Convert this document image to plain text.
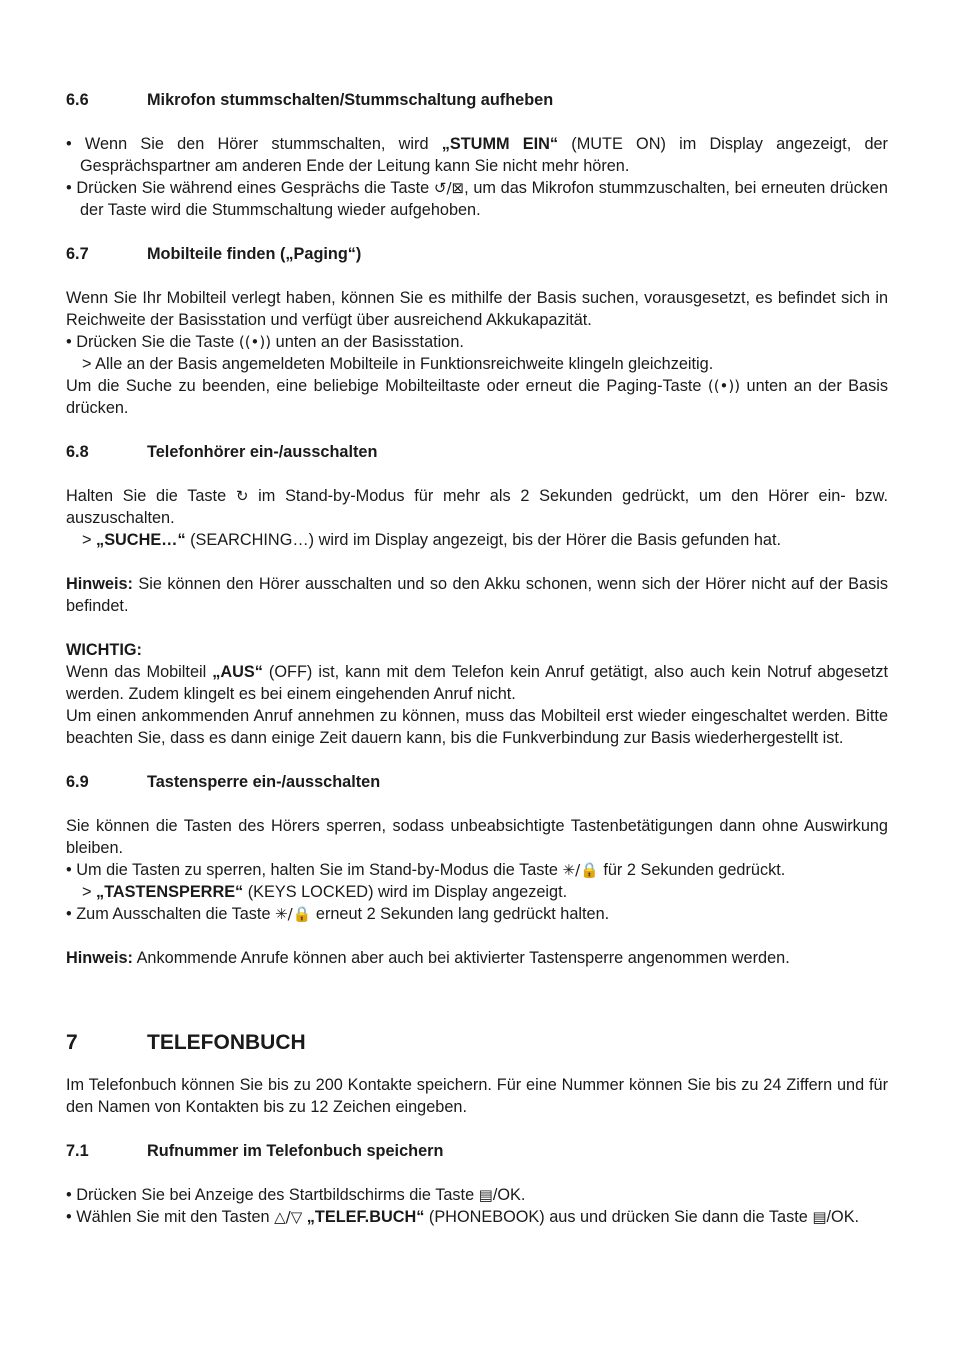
6.6	Mikrofon stummschalten/Stummschaltung aufheben

• Wenn Sie den Hörer stummschalten, wird „STUMM EIN“ (MUTE ON) im Display angezeigt, der Gesprächspartner am anderen Ende der Leitung kann Sie nicht mehr hören.

• Drücken Sie während eines Gesprächs die Taste ↺/⊠, um das Mikrofon stummzuschalten, bei erneuten drücken der Taste wird die Stummschaltung wieder aufgehoben.

6.7	Mobilteile finden („Paging“)

Wenn Sie Ihr Mobilteil verlegt haben, können Sie es mithilfe der Basis suchen, vorausgesetzt, es befindet sich in Reichweite der Basisstation und verfügt über ausreichend Akkukapazität.

• Drücken Sie die Taste ((•)) unten an der Basisstation.

> Alle an der Basis angemeldeten Mobilteile in Funktionsreichweite klingeln gleichzeitig.

Um die Suche zu beenden, eine beliebige Mobilteiltaste oder erneut die Paging-Taste ((•)) unten an der Basis drücken.

6.8	Telefonhörer ein-/ausschalten

Halten Sie die Taste ↻ im Stand-by-Modus für mehr als 2 Sekunden gedrückt, um den Hörer ein- bzw. auszuschalten.

> „SUCHE…“ (SEARCHING…) wird im Display angezeigt, bis der Hörer die Basis gefunden hat.

Hinweis: Sie können den Hörer ausschalten und so den Akku schonen, wenn sich der Hörer nicht auf der Basis befindet.

WICHTIG:

Wenn das Mobilteil „AUS“ (OFF) ist, kann mit dem Telefon kein Anruf getätigt, also auch kein Notruf abgesetzt werden. Zudem klingelt es bei einem eingehenden Anruf nicht.

Um einen ankommenden Anruf annehmen zu können, muss das Mobilteil erst wieder eingeschaltet werden. Bitte beachten Sie, dass es dann einige Zeit dauern kann, bis die Funkverbindung zur Basis wiederhergestellt ist.

6.9	Tastensperre ein-/ausschalten

Sie können die Tasten des Hörers sperren, sodass unbeabsichtigte Tastenbetätigungen dann ohne Auswirkung bleiben.

• Um die Tasten zu sperren, halten Sie im Stand-by-Modus die Taste ✳/🔒 für 2 Sekunden gedrückt.

> „TASTENSPERRE“ (KEYS LOCKED) wird im Display angezeigt.

• Zum Ausschalten die Taste ✳/🔒 erneut 2 Sekunden lang gedrückt halten.

Hinweis: Ankommende Anrufe können aber auch bei aktivierter Tastensperre angenommen werden.

7	TELEFONBUCH

Im Telefonbuch können Sie bis zu 200 Kontakte speichern. Für eine Nummer können Sie bis zu 24 Ziffern und für den Namen von Kontakten bis zu 12 Zeichen eingeben.

7.1	Rufnummer im Telefonbuch speichern

• Drücken Sie bei Anzeige des Startbildschirms die Taste ▤/OK.

• Wählen Sie mit den Tasten △/▽ „TELEF.BUCH“ (PHONEBOOK) aus und drücken Sie dann die Taste ▤/OK.
